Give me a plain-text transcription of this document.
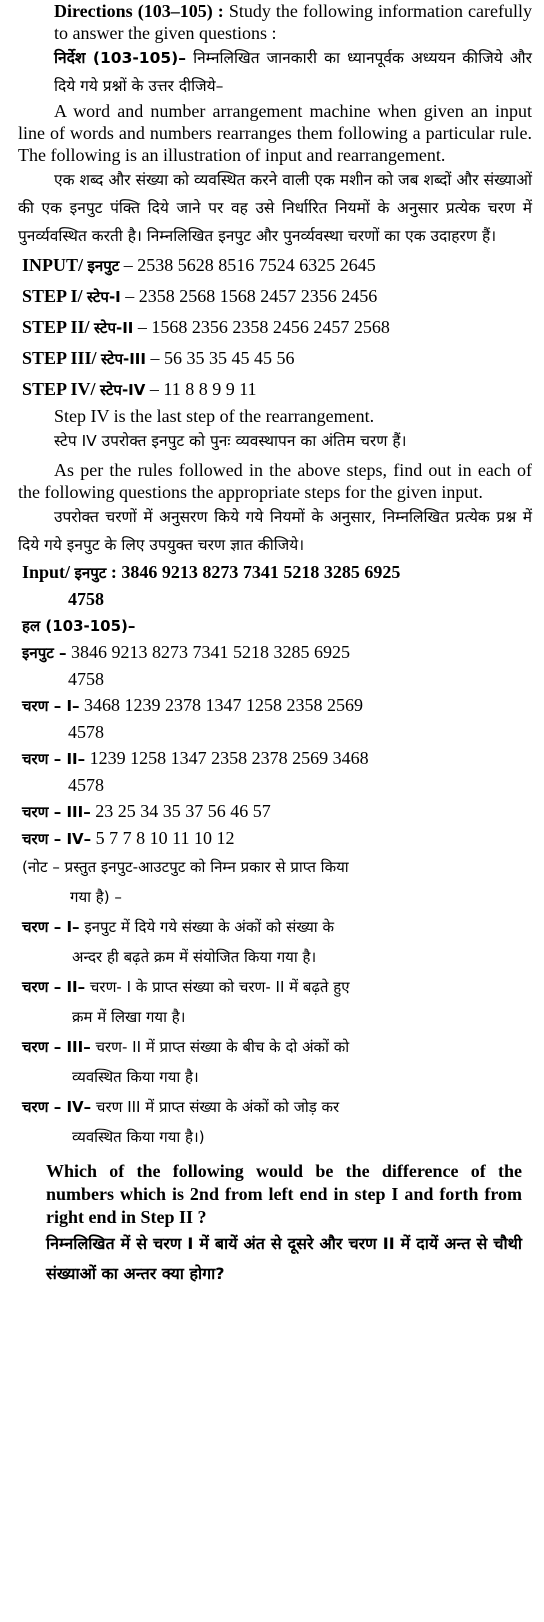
Directions (103–105) : Study the following information carefully to answer the given questions :

निर्देश (103-105)– निम्नलिखित जानकारी का ध्यानपूर्वक अध्ययन कीजिये और दिये गये प्रश्नों के उत्तर दीजिये–

A word and number arrangement machine when given an input line of words and numbers rearranges them following a particular rule. The following is an illustration of input and rearrangement.

एक शब्द और संख्या को व्यवस्थित करने वाली एक मशीन को जब शब्दों और संख्याओं की एक इनपुट पंक्ति दिये जाने पर वह उसे निर्धारित नियमों के अनुसार प्रत्येक चरण में पुनर्व्यवस्थित करती है। निम्नलिखित इनपुट और पुनर्व्यवस्था चरणों का एक उदाहरण हैं।

INPUT/ इनपुट – 2538 5628 8516 7524 6325 2645
STEP I/ स्टेप-I – 2358 2568 1568 2457 2356 2456
STEP II/ स्टेप-II – 1568 2356 2358 2456 2457 2568
STEP III/ स्टेप-III – 56 35 35 45 45 56
STEP IV/ स्टेप-IV – 11 8 8 9 9 11

Step IV is the last step of the rearrangement.

स्टेप IV उपरोक्त इनपुट को पुनः व्यवस्थापन का अंतिम चरण हैं।

As per the rules followed in the above steps, find out in each of the following questions the appropriate steps for the given input.

उपरोक्त चरणों में अनुसरण किये गये नियमों के अनुसार, निम्नलिखित प्रत्येक प्रश्न में दिये गये इनपुट के लिए उपयुक्त चरण ज्ञात कीजिये।

Input/ इनपुट : 3846 9213 8273 7341 5218 3285 6925
4758
हल (103-105)–
इनपुट – 3846 9213 8273 7341 5218 3285 6925
4758
चरण – I– 3468 1239 2378 1347 1258 2358 2569
4578
चरण – II– 1239 1258 1347 2358 2378 2569 3468
4578
चरण – III– 23 25 34 35 37 56 46 57
चरण – IV– 5 7 7 8 10 11 10 12
(नोट – प्रस्तुत इनपुट-आउटपुट को निम्न प्रकार से प्राप्त किया
गया है) –
चरण – I– इनपुट में दिये गये संख्या के अंकों को संख्या के
अन्दर ही बढ़ते क्रम में संयोजित किया गया है।
चरण – II– चरण- I के प्राप्त संख्या को चरण- II में बढ़ते हुए
क्रम में लिखा गया है।
चरण – III– चरण- II में प्राप्त संख्या के बीच के दो अंकों को
व्यवस्थित किया गया है।
चरण – IV– चरण III में प्राप्त संख्या के अंकों को जोड़ कर
व्यवस्थित किया गया है।)

Which of the following would be the difference of the numbers which is 2nd from left end in step I and forth from right end in Step II ?

निम्नलिखित में से चरण I में बायें अंत से दूसरे और चरण II में दायें अन्त से चौथी संख्याओं का अन्तर क्या होगा?
